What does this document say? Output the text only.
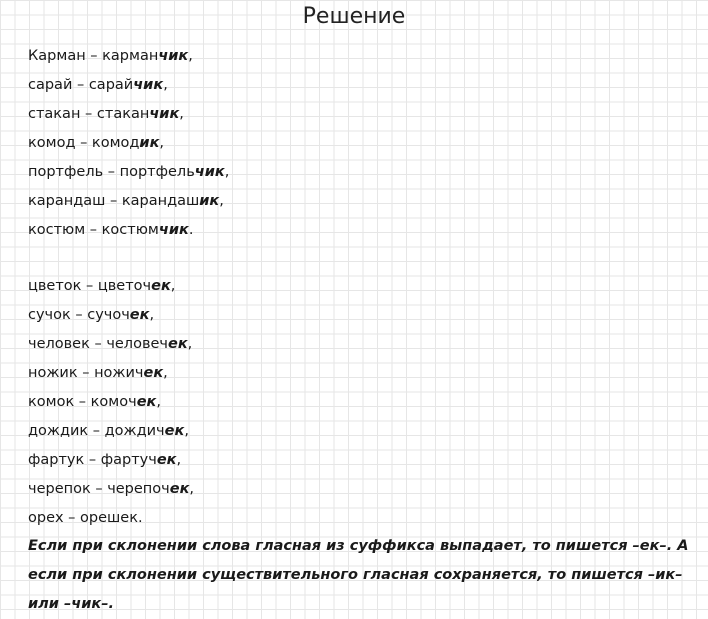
Решение
Карман – карманчик,
сарай – сарайчик,
стакан – стаканчик,
комод – комодик,
портфель – портфельчик,
карандаш – карандашик,
костюм – костюмчик.
цветок – цветочек,
сучок – сучочек,
человек – человечек,
ножик – ножичек,
комок – комочек,
дождик – дождичек,
фартук – фартучек,
черепок – черепочек,
орех – орешек.

Если при склонении слова гласная из суффикса выпадает, то пишется –ек–. А если при склонении существительного гласная сохраняется, то пишется –ик– или –чик–.
